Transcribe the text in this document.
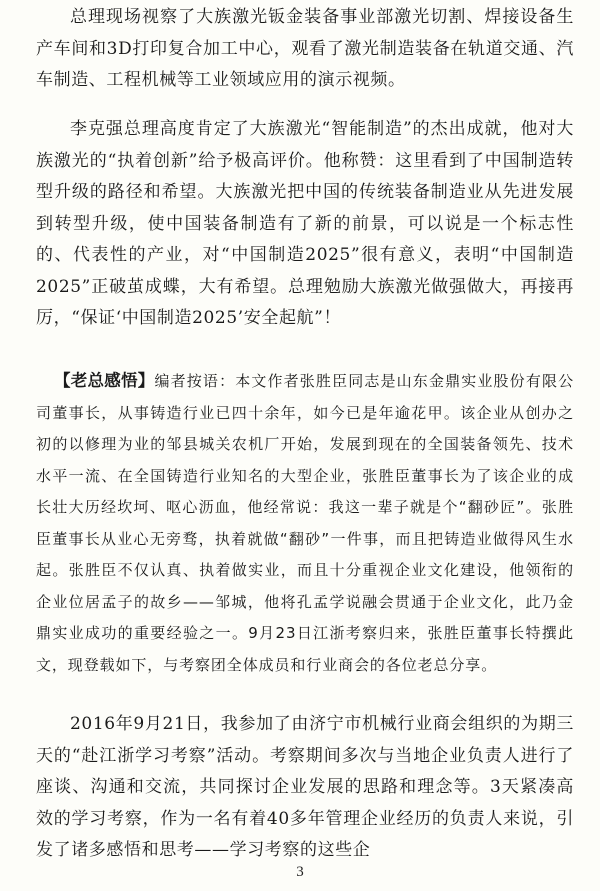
总理现场视察了大族激光钣金装备事业部激光切割、焊接设备生产车间和3D打印复合加工中心，观看了激光制造装备在轨道交通、汽车制造、工程机械等工业领域应用的演示视频。

李克强总理高度肯定了大族激光“智能制造”的杰出成就，他对大族激光的“执着创新”给予极高评价。他称赞：这里看到了中国制造转型升级的路径和希望。大族激光把中国的传统装备制造业从先进发展到转型升级，使中国装备制造有了新的前景，可以说是一个标志性的、代表性的产业，对“中国制造2025”很有意义，表明“中国制造2025”正破茧成蝶，大有希望。总理勉励大族激光做强做大，再接再厉，“保证‘中国制造2025’安全起航”！

【老总感悟】编者按语：本文作者张胜臣同志是山东金鼎实业股份有限公司董事长，从事铸造行业已四十余年，如今已是年逾花甲。该企业从创办之初的以修理为业的邹县城关农机厂开始，发展到现在的全国装备领先、技术水平一流、在全国铸造行业知名的大型企业，张胜臣董事长为了该企业的成长壮大历经坎坷、呕心沥血，他经常说：我这一辈子就是个“翻砂匠”。张胜臣董事长从业心无旁骛，执着就做“翻砂”一件事，而且把铸造业做得风生水起。张胜臣不仅认真、执着做实业，而且十分重视企业文化建设，他领衔的企业位居孟子的故乡——邹城，他将孔孟学说融会贯通于企业文化，此乃金鼎实业成功的重要经验之一。9月23日江浙考察归来，张胜臣董事长特撰此文，现登载如下，与考察团全体成员和行业商会的各位老总分享。

2016年9月21日，我参加了由济宁市机械行业商会组织的为期三天的“赴江浙学习考察”活动。考察期间多次与当地企业负责人进行了座谈、沟通和交流，共同探讨企业发展的思路和理念等。3天紧凑高效的学习考察，作为一名有着40多年管理企业经历的负责人来说，引发了诸多感悟和思考——学习考察的这些企

3
